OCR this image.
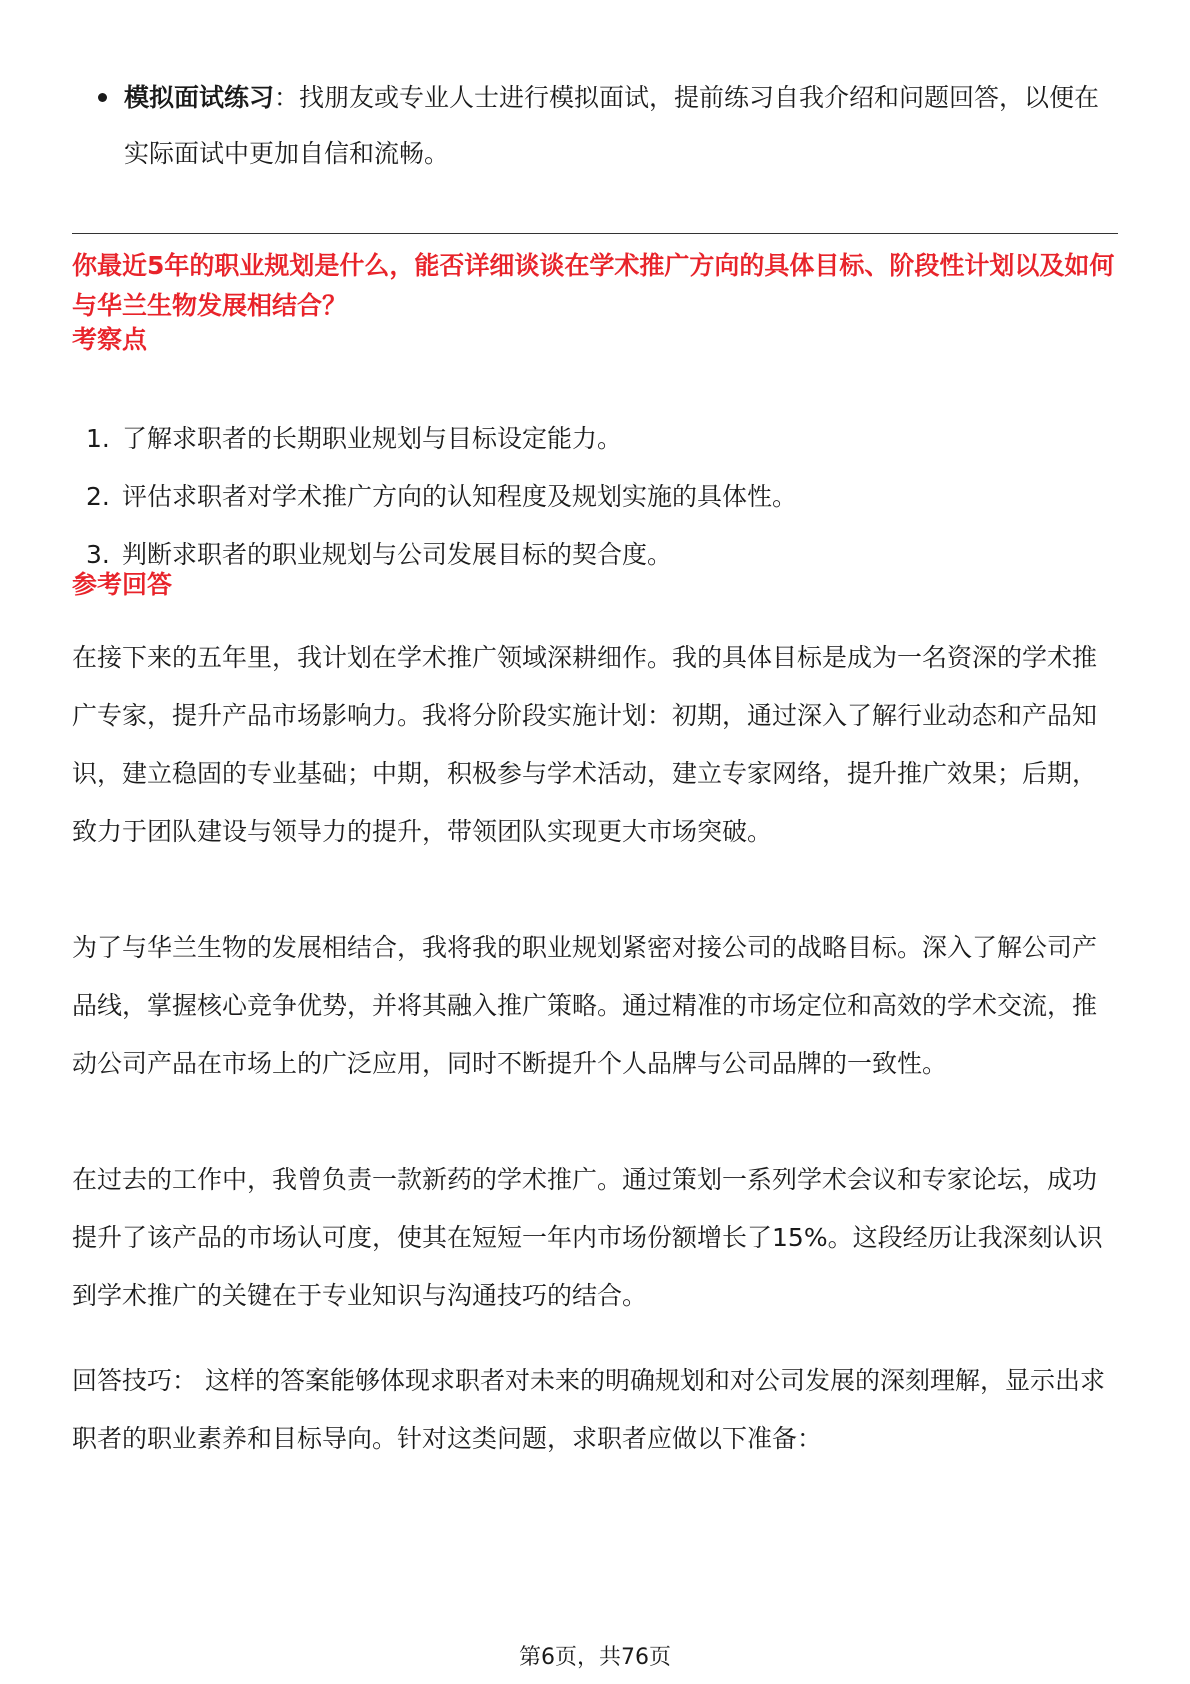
模拟面试练习：找朋友或专业人士进行模拟面试，提前练习自我介绍和问题回答，以便在实际面试中更加自信和流畅。
你最近5年的职业规划是什么，能否详细谈谈在学术推广方向的具体目标、阶段性计划以及如何与华兰生物发展相结合？
考察点
1. 了解求职者的长期职业规划与目标设定能力。
2. 评估求职者对学术推广方向的认知程度及规划实施的具体性。
3. 判断求职者的职业规划与公司发展目标的契合度。
参考回答

在接下来的五年里，我计划在学术推广领域深耕细作。我的具体目标是成为一名资深的学术推广专家，提升产品市场影响力。我将分阶段实施计划：初期，通过深入了解行业动态和产品知识，建立稳固的专业基础；中期，积极参与学术活动，建立专家网络，提升推广效果；后期，致力于团队建设与领导力的提升，带领团队实现更大市场突破。

为了与华兰生物的发展相结合，我将我的职业规划紧密对接公司的战略目标。深入了解公司产品线，掌握核心竞争优势，并将其融入推广策略。通过精准的市场定位和高效的学术交流，推动公司产品在市场上的广泛应用，同时不断提升个人品牌与公司品牌的一致性。

在过去的工作中，我曾负责一款新药的学术推广。通过策划一系列学术会议和专家论坛，成功提升了该产品的市场认可度，使其在短短一年内市场份额增长了15%。这段经历让我深刻认识到学术推广的关键在于专业知识与沟通技巧的结合。

回答技巧： 这样的答案能够体现求职者对未来的明确规划和对公司发展的深刻理解，显示出求职者的职业素养和目标导向。针对这类问题，求职者应做以下准备：

第6页，共76页
